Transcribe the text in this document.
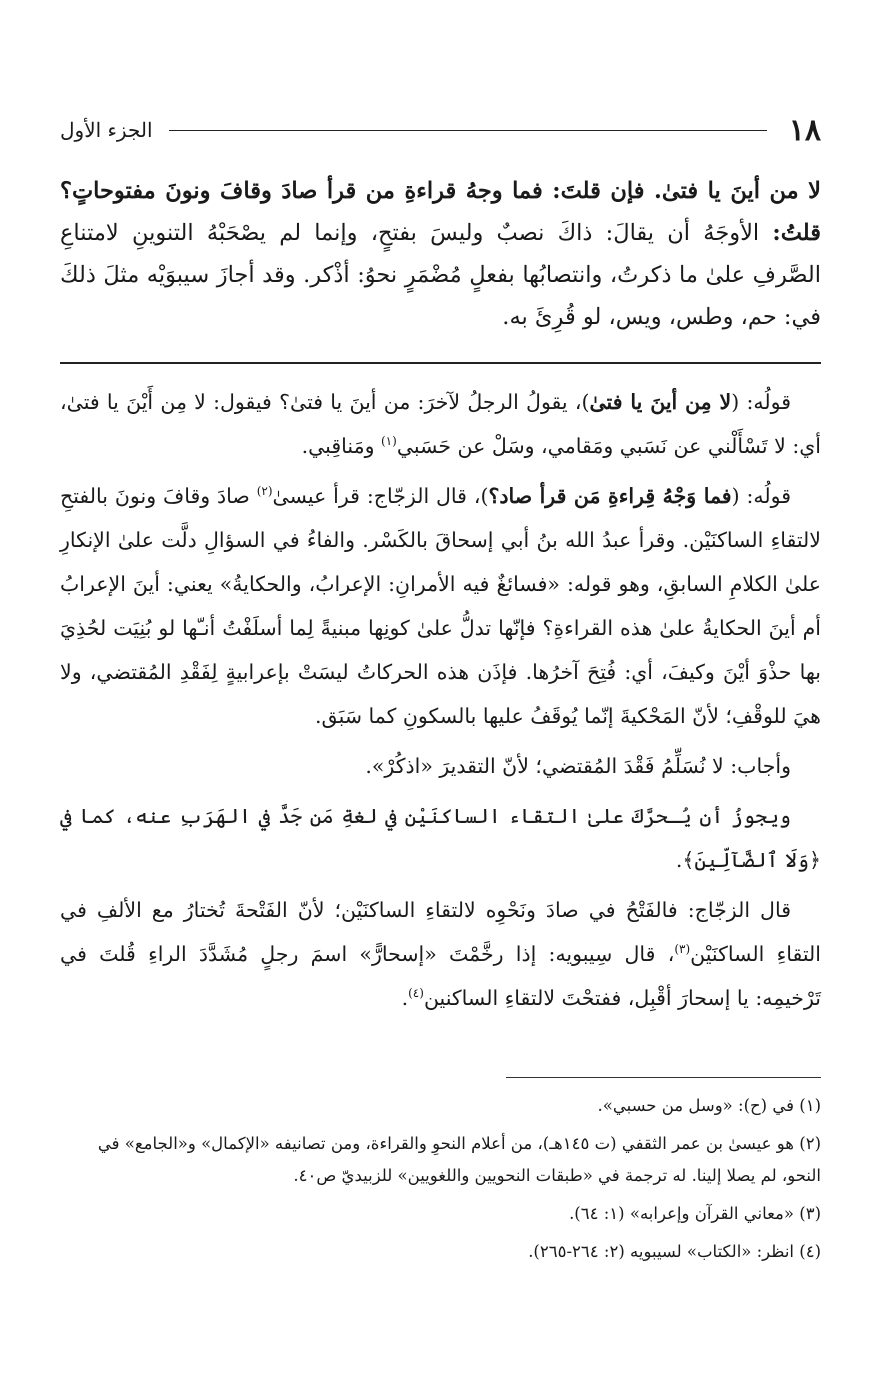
١٨
الجزء الأول
لا من أينَ يا فتىٰ. فإن قلتَ: فما وجهُ قراءةِ من قرأ صادَ وقافَ ونونَ مفتوحاتٍ؟ قلتُ: الأوجَهُ أن يقالَ: ذاكَ نصبٌ وليسَ بفتحٍ، وإنما لم يصْحَبْهُ التنوينِ لامتناعِ الصَّرفِ علىٰ ما ذكرتُ، وانتصابُها بفعلٍ مُضْمَرٍ نحوُ: أذْكر. وقد أجازَ سيبوَيْه مثلَ ذلكَ في: حم، وطس، ويس، لو قُرِئَ به.

قولُه: (لا مِن أينَ يا فتىٰ)، يقولُ الرجلُ لآخرَ: من أينَ يا فتىٰ؟ فيقول: لا مِن أَيْنَ يا فتىٰ، أي: لا تَسْأَلْني عن نَسَبي ومَقامي، وسَلْ عن حَسَبي$^{(١)}$ ومَناقِبي.

قولُه: (فما وَجْهُ قِراءةِ مَن قرأ صاد؟)، قال الزجّاج: قرأ عيسىٰ$^{(٢)}$ صادَ وقافَ ونونَ بالفتحِ لالتقاءِ الساكنَيْن. وقرأ عبدُ الله بنُ أبي إسحاقَ بالكَسْر. والفاءُ في السؤالِ دلَّت علىٰ الإنكارِ علىٰ الكلامِ السابقِ، وهو قوله: «فسائغٌ فيه الأمرانِ: الإعرابُ، والحكايةُ» يعني: أينَ الإعرابُ أم أينَ الحكايةُ علىٰ هذه القراءةِ؟ فإنّها تدلُّ علىٰ كونِها مبنيةً لِما أسلَفْتُ أنـّها لو بُنِيَت لحُذِيَ بها حذْوَ أيْنَ وكيفَ، أي: فُتِحَ آخرُها. فإذَن هذه الحركاتُ ليسَتْ بإعرابيةٍ لِفَقْدِ المُقتضي، ولا هيَ للوقْفِ؛ لأنّ المَحْكيةَ إنّما يُوقَفُ عليها بالسكونِ كما سَبَق.

وأجاب: لا نُسَلِّمُ فَقْدَ المُقتضي؛ لأنّ التقديرَ «اذكُرْ».

ويجوزُ أن يُـحرَّكَ علىٰ التقاء الساكنَيْن في لغةِ مَن جَدَّ في الهَرَبِ عنه، كما في ﴿وَلَا ٱلضَّآلِّينَ﴾.

قال الزجّاج: فالفَتْحُ في صادَ ونَحْوِه لالتقاءِ الساكنَيْن؛ لأنّ الفَتْحةَ تُختارُ مع الألفِ في التقاءِ الساكنَيْن$^{(٣)}$، قال سِيبويه: إذا رخَّمْتَ «إسحارًّ» اسمَ رجلٍ مُشَدَّدَ الراءِ قُلتَ في تَرْخيمِه: يا إسحارَ أقْبِل، ففتحْتَ لالتقاءِ الساكنين$^{(٤)}$.

(١) في (ح): «وسل من حسبي».

(٢) هو عيسىٰ بن عمر الثقفي (ت ١٤٥هـ)، من أعلام النحوِ والقراءة، ومن تصانيفه «الإكمال» و«الجامع» في النحو، لم يصلا إلينا. له ترجمة في «طبقات النحويين واللغويين» للزبيديّ ص٤٠.

(٣) «معاني القرآن وإعرابه» (١: ٦٤).

(٤) انظر: «الكتاب» لسيبويه (٢: ٢٦٤-٢٦٥).
